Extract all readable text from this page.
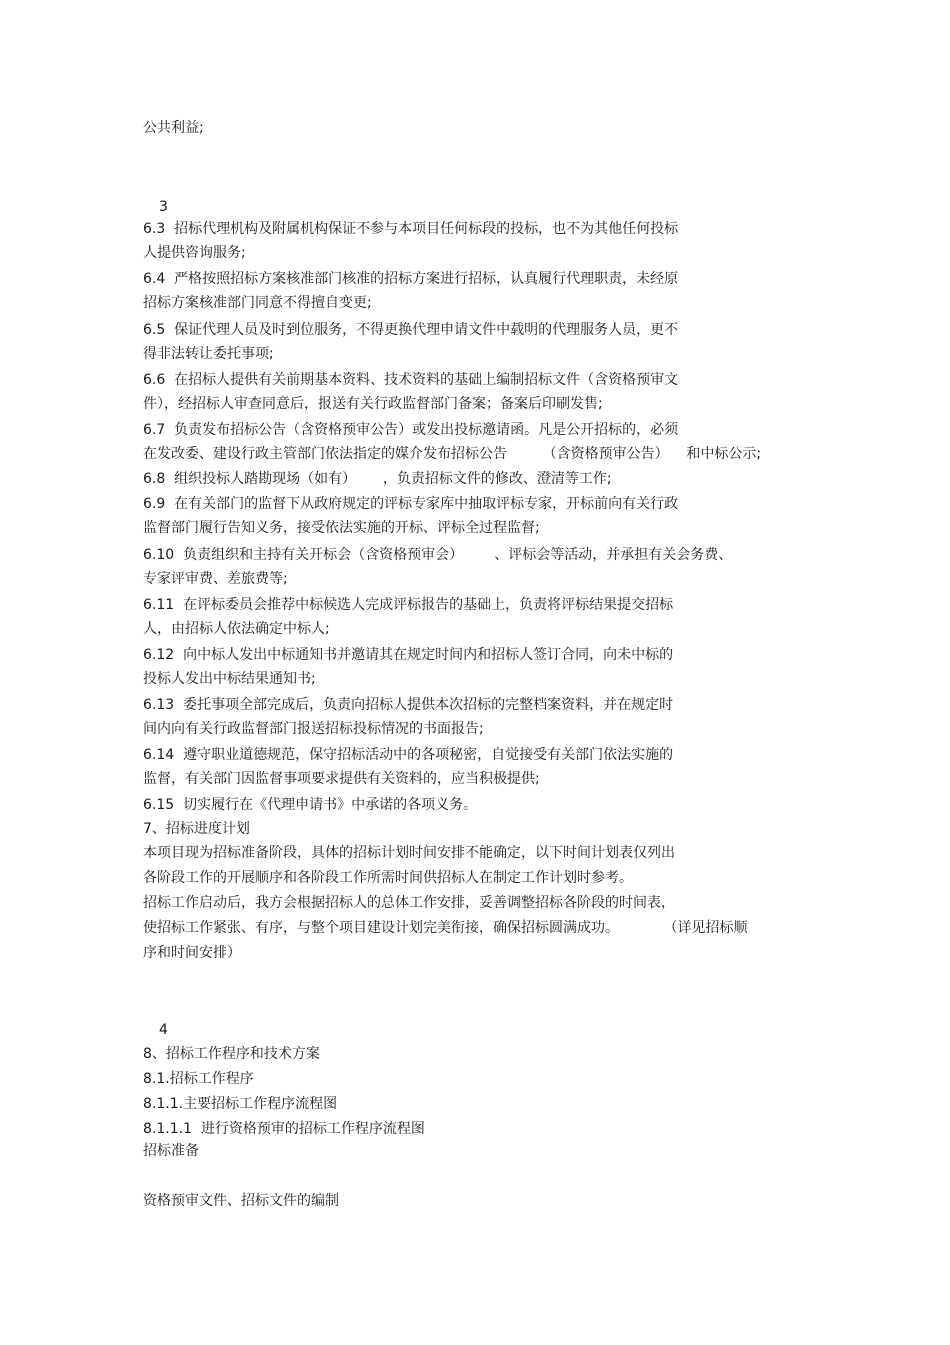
公共利益;
3
6.3  招标代理机构及附属机构保证不参与本项目任何标段的投标，也不为其他任何投标
人提供咨询服务;
6.4  严格按照招标方案核准部门核准的招标方案进行招标，认真履行代理职责，未经原
招标方案核准部门同意不得擅自变更;
6.5  保证代理人员及时到位服务，不得更换代理申请文件中载明的代理服务人员，更不
得非法转让委托事项;
6.6  在招标人提供有关前期基本资料、技术资料的基础上编制招标文件（含资格预审文
件），经招标人审查同意后，报送有关行政监督部门备案；备案后印刷发售;
6.7  负责发布招标公告（含资格预审公告）或发出投标邀请函。凡是公开招标的，必须
在发改委、建设行政主管部门依法指定的媒介发布招标公告        （含资格预审公告）    和中标公示;
6.8  组织投标人踏勘现场（如有）      ，负责招标文件的修改、澄清等工作;
6.9  在有关部门的监督下从政府规定的评标专家库中抽取评标专家，开标前向有关行政
监督部门履行告知义务，接受依法实施的开标、评标全过程监督;
6.10  负责组织和主持有关开标会（含资格预审会）       、评标会等活动，并承担有关会务费、
专家评审费、差旅费等;
6.11  在评标委员会推荐中标候选人完成评标报告的基础上，负责将评标结果提交招标
人，由招标人依法确定中标人;
6.12  向中标人发出中标通知书并邀请其在规定时间内和招标人签订合同，向未中标的
投标人发出中标结果通知书;
6.13  委托事项全部完成后，负责向招标人提供本次招标的完整档案资料，并在规定时
间内向有关行政监督部门报送招标投标情况的书面报告;
6.14  遵守职业道德规范，保守招标活动中的各项秘密，自觉接受有关部门依法实施的
监督，有关部门因监督事项要求提供有关资料的，应当积极提供;
6.15  切实履行在《代理申请书》中承诺的各项义务。
7、招标进度计划
本项目现为招标准备阶段，具体的招标计划时间安排不能确定，以下时间计划表仅列出
各阶段工作的开展顺序和各阶段工作所需时间供招标人在制定工作计划时参考。
招标工作启动后，我方会根据招标人的总体工作安排，妥善调整招标各阶段的时间表，
使招标工作紧张、有序，与整个项目建设计划完美衔接，确保招标圆满成功。          （详见招标顺
序和时间安排）
4
8、招标工作程序和技术方案
8.1.招标工作程序
8.1.1.主要招标工作程序流程图
8.1.1.1  进行资格预审的招标工作程序流程图
招标准备
资格预审文件、招标文件的编制
